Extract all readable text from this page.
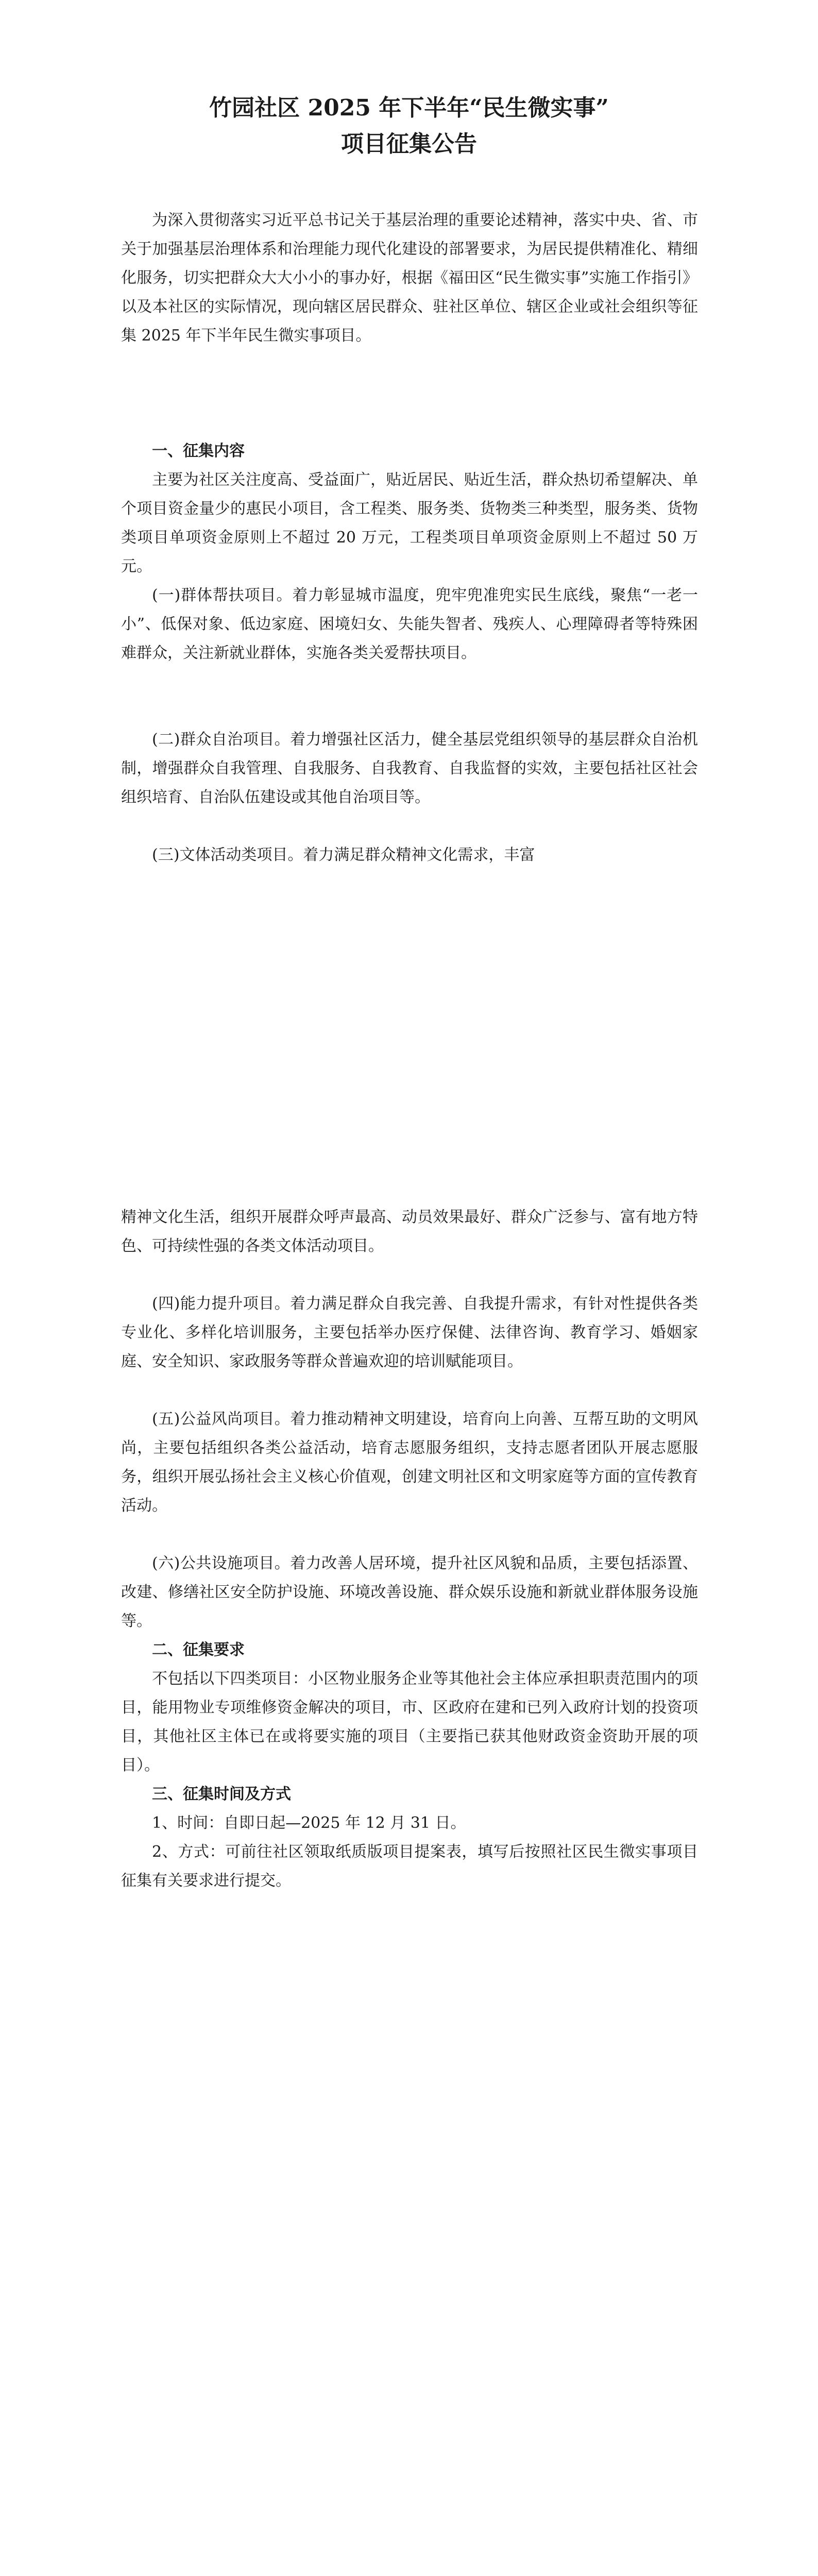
竹园社区 2025 年下半年“民生微实事”
项目征集公告

为深入贯彻落实习近平总书记关于基层治理的重要论述精神，落实中央、省、市关于加强基层治理体系和治理能力现代化建设的部署要求，为居民提供精准化、精细化服务，切实把群众大大小小的事办好，根据《福田区“民生微实事”实施工作指引》以及本社区的实际情况，现向辖区居民群众、驻社区单位、辖区企业或社会组织等征集 2025 年下半年民生微实事项目。

一、征集内容

主要为社区关注度高、受益面广，贴近居民、贴近生活，群众热切希望解决、单个项目资金量少的惠民小项目，含工程类、服务类、货物类三种类型，服务类、货物类项目单项资金原则上不超过 20 万元，工程类项目单项资金原则上不超过 50 万元。

(一)群体帮扶项目。着力彰显城市温度，兜牢兜准兜实民生底线，聚焦“一老一小”、低保对象、低边家庭、困境妇女、失能失智者、残疾人、心理障碍者等特殊困难群众，关注新就业群体，实施各类关爱帮扶项目。

(二)群众自治项目。着力增强社区活力，健全基层党组织领导的基层群众自治机制，增强群众自我管理、自我服务、自我教育、自我监督的实效，主要包括社区社会组织培育、自治队伍建设或其他自治项目等。

(三)文体活动类项目。着力满足群众精神文化需求，丰富

精神文化生活，组织开展群众呼声最高、动员效果最好、群众广泛参与、富有地方特色、可持续性强的各类文体活动项目。

(四)能力提升项目。着力满足群众自我完善、自我提升需求，有针对性提供各类专业化、多样化培训服务，主要包括举办医疗保健、法律咨询、教育学习、婚姻家庭、安全知识、家政服务等群众普遍欢迎的培训赋能项目。

(五)公益风尚项目。着力推动精神文明建设，培育向上向善、互帮互助的文明风尚，主要包括组织各类公益活动，培育志愿服务组织，支持志愿者团队开展志愿服务，组织开展弘扬社会主义核心价值观，创建文明社区和文明家庭等方面的宣传教育活动。

(六)公共设施项目。着力改善人居环境，提升社区风貌和品质，主要包括添置、改建、修缮社区安全防护设施、环境改善设施、群众娱乐设施和新就业群体服务设施等。

二、征集要求

不包括以下四类项目：小区物业服务企业等其他社会主体应承担职责范围内的项目，能用物业专项维修资金解决的项目，市、区政府在建和已列入政府计划的投资项目，其他社区主体已在或将要实施的项目（主要指已获其他财政资金资助开展的项目）。

三、征集时间及方式

1、时间：自即日起—2025 年 12 月 31 日。

2、方式：可前往社区领取纸质版项目提案表，填写后按照社区民生微实事项目征集有关要求进行提交。
